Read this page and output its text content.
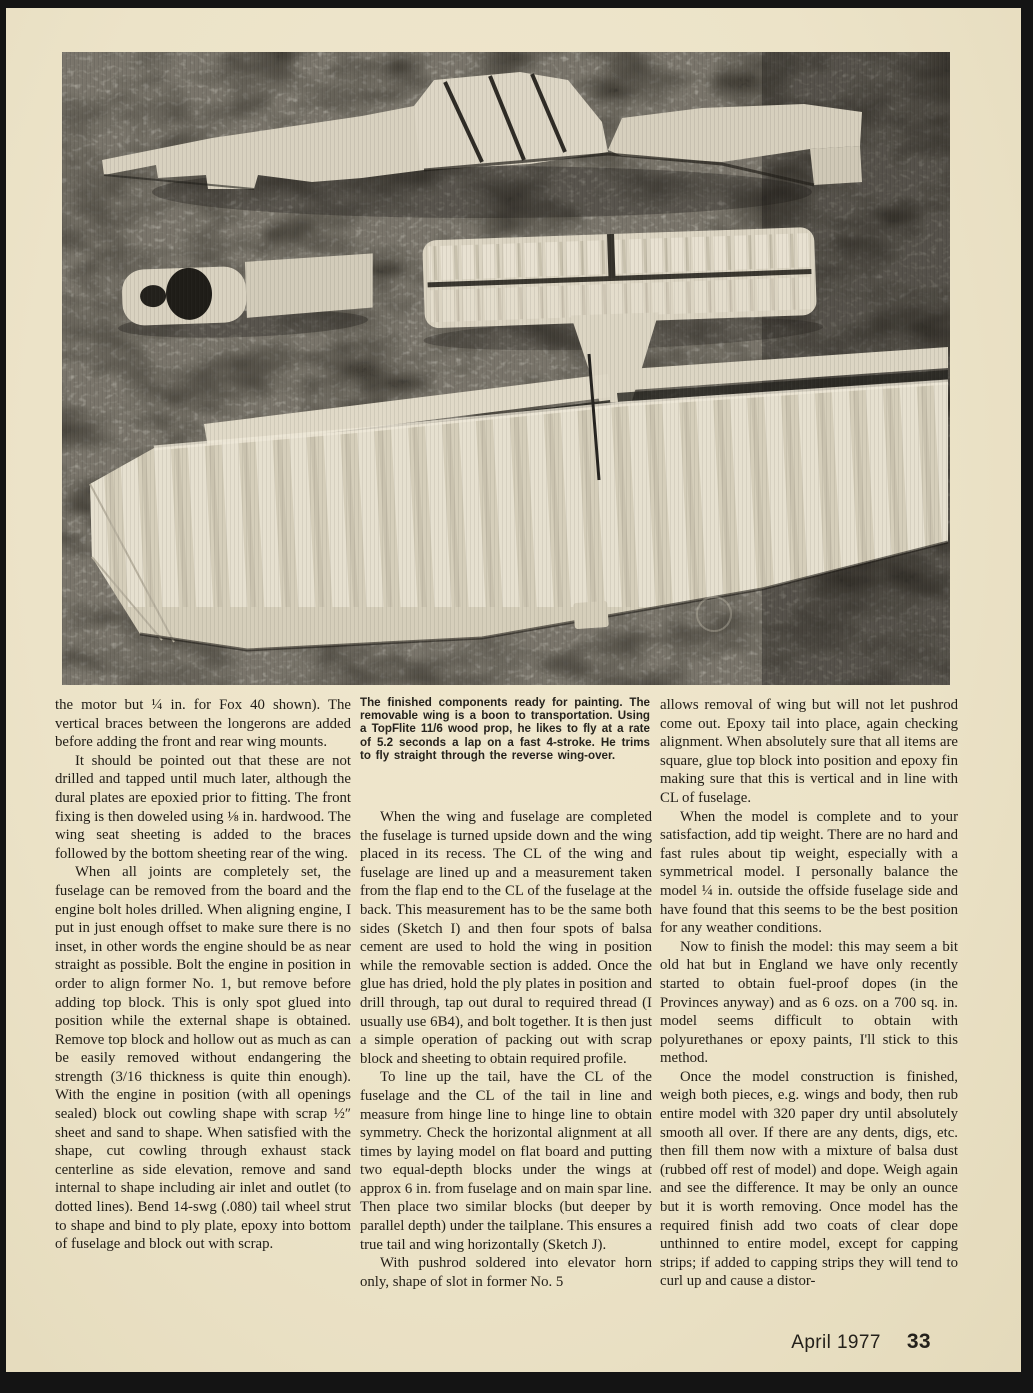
The finished components ready for painting. The removable wing is a boon to transportation. Using a TopFlite 11/6 wood prop, he likes to fly at a rate of 5.2 seconds a lap on a fast 4-stroke. He trims to fly straight through the reverse wing-over.

the motor but ¼ in. for Fox 40 shown). The vertical braces between the longerons are added before adding the front and rear wing mounts.

It should be pointed out that these are not drilled and tapped until much later, although the dural plates are epoxied prior to fitting. The front fixing is then doweled using ⅛ in. hardwood. The wing seat sheeting is added to the braces followed by the bottom sheeting rear of the wing.

When all joints are completely set, the fuselage can be removed from the board and the engine bolt holes drilled. When aligning engine, I put in just enough offset to make sure there is no inset, in other words the engine should be as near straight as possible. Bolt the engine in position in order to align former No. 1, but remove before adding top block. This is only spot glued into position while the external shape is obtained. Remove top block and hollow out as much as can be easily removed without endangering the strength (3/16 thickness is quite thin enough). With the engine in position (with all openings sealed) block out cowling shape with scrap ½″ sheet and sand to shape. When satisfied with the shape, cut cowling through exhaust stack centerline as side elevation, remove and sand internal to shape including air inlet and outlet (to dotted lines). Bend 14-swg (.080) tail wheel strut to shape and bind to ply plate, epoxy into bottom of fuselage and block out with scrap.

When the wing and fuselage are completed the fuselage is turned upside down and the wing placed in its recess. The CL of the wing and fuselage are lined up and a measurement taken from the flap end to the CL of the fuselage at the back. This measurement has to be the same both sides (Sketch I) and then four spots of balsa cement are used to hold the wing in position while the removable section is added. Once the glue has dried, hold the ply plates in position and drill through, tap out dural to required thread (I usually use 6B4), and bolt together. It is then just a simple operation of packing out with scrap block and sheeting to obtain required profile.

To line up the tail, have the CL of the fuselage and the CL of the tail in line and measure from hinge line to hinge line to obtain symmetry. Check the horizontal alignment at all times by laying model on flat board and putting two equal-depth blocks under the wings at approx 6 in. from fuselage and on main spar line. Then place two similar blocks (but deeper by parallel depth) under the tailplane. This ensures a true tail and wing horizontally (Sketch J).

With pushrod soldered into elevator horn only, shape of slot in former No. 5

allows removal of wing but will not let pushrod come out. Epoxy tail into place, again checking alignment. When absolutely sure that all items are square, glue top block into position and epoxy fin making sure that this is vertical and in line with CL of fuselage.

When the model is complete and to your satisfaction, add tip weight. There are no hard and fast rules about tip weight, especially with a symmetrical model. I personally balance the model ¼ in. outside the offside fuselage side and have found that this seems to be the best position for any weather conditions.

Now to finish the model: this may seem a bit old hat but in England we have only recently started to obtain fuel-proof dopes (in the Provinces anyway) and as 6 ozs. on a 700 sq. in. model seems difficult to obtain with polyurethanes or epoxy paints, I'll stick to this method.

Once the model construction is finished, weigh both pieces, e.g. wings and body, then rub entire model with 320 paper dry until absolutely smooth all over. If there are any dents, digs, etc. then fill them now with a mixture of balsa dust (rubbed off rest of model) and dope. Weigh again and see the difference. It may be only an ounce but it is worth removing. Once model has the required finish add two coats of clear dope unthinned to entire model, except for capping strips; if added to capping strips they will tend to curl up and cause a distor-

April 1977 33
